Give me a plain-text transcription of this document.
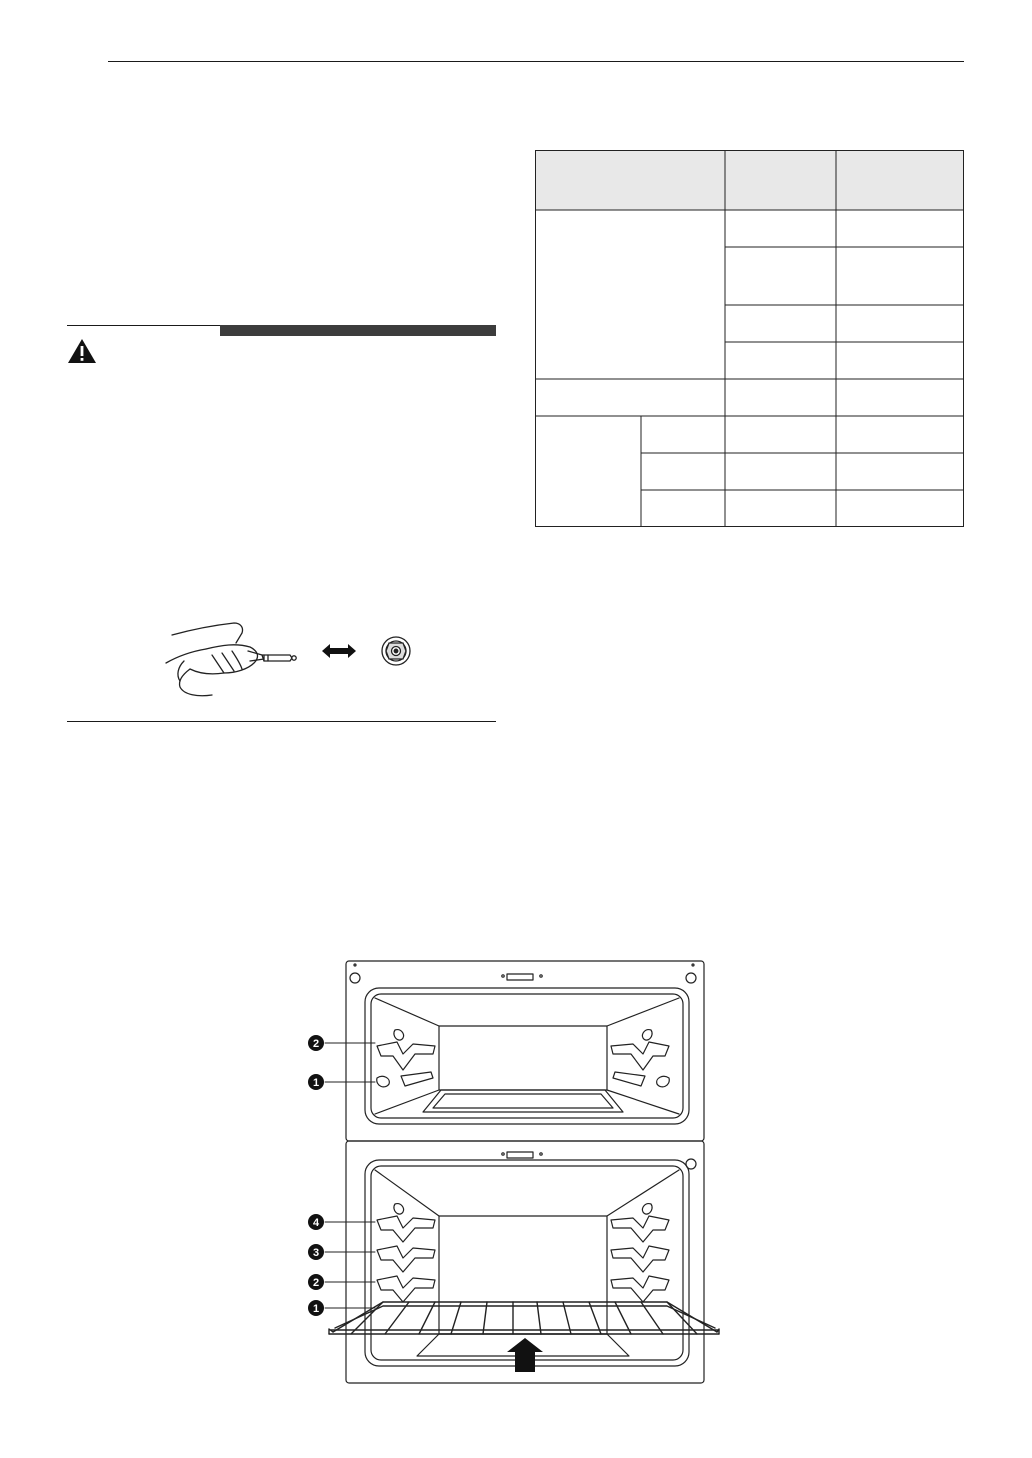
2
1
4
3
2
1
